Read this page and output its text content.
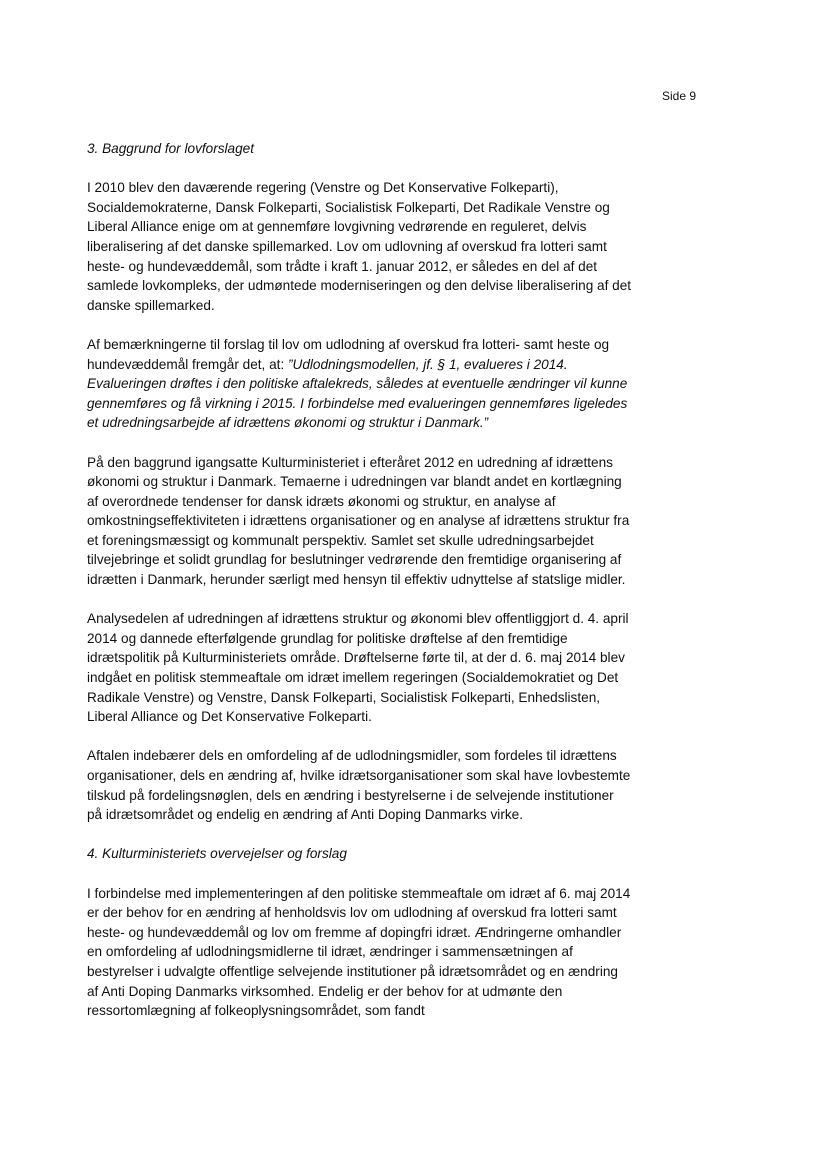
Side 9
3. Baggrund for lovforslaget

I 2010 blev den daværende regering (Venstre og Det Konservative Folkeparti), Socialdemokraterne, Dansk Folkeparti, Socialistisk Folkeparti, Det Radikale Venstre og Liberal Alliance enige om at gennemføre lovgivning vedrørende en reguleret, delvis liberalisering af det danske spillemarked. Lov om udlovning af overskud fra lotteri samt heste- og hundevæddemål, som trådte i kraft 1. januar 2012, er således en del af det samlede lovkompleks, der udmøntede moderniseringen og den delvise liberalisering af det danske spillemarked.

Af bemærkningerne til forslag til lov om udlodning af overskud fra lotteri- samt heste og hundevæddemål fremgår det, at: ”Udlodningsmodellen, jf. § 1, evalueres i 2014. Evalueringen drøftes i den politiske aftalekreds, således at eventuelle ændringer vil kunne gennemføres og få virkning i 2015. I forbindelse med evalueringen gennemføres ligeledes et udredningsarbejde af idrættens økonomi og struktur i Danmark.”

På den baggrund igangsatte Kulturministeriet i efteråret 2012 en udredning af idrættens økonomi og struktur i Danmark. Temaerne i udredningen var blandt andet en kortlægning af overordnede tendenser for dansk idræts økonomi og struktur, en analyse af omkostningseffektiviteten i idrættens organisationer og en analyse af idrættens struktur fra et foreningsmæssigt og kommunalt perspektiv. Samlet set skulle udredningsarbejdet tilvejebringe et solidt grundlag for beslutninger vedrørende den fremtidige organisering af idrætten i Danmark, herunder særligt med hensyn til effektiv udnyttelse af statslige midler.

Analysedelen af udredningen af idrættens struktur og økonomi blev offentliggjort d. 4. april 2014 og dannede efterfølgende grundlag for politiske drøftelse af den fremtidige idrætspolitik på Kulturministeriets område. Drøftelserne førte til, at der d. 6. maj 2014 blev indgået en politisk stemmeaftale om idræt imellem regeringen (Socialdemokratiet og Det Radikale Venstre) og Venstre, Dansk Folkeparti, Socialistisk Folkeparti, Enhedslisten, Liberal Alliance og Det Konservative Folkeparti.

Aftalen indebærer dels en omfordeling af de udlodningsmidler, som fordeles til idrættens organisationer, dels en ændring af, hvilke idrætsorganisationer som skal have lovbestemte tilskud på fordelingsnøglen, dels en ændring i bestyrelserne i de selvejende institutioner på idrætsområdet og endelig en ændring af Anti Doping Danmarks virke.

4. Kulturministeriets overvejelser og forslag

I forbindelse med implementeringen af den politiske stemmeaftale om idræt af 6. maj 2014 er der behov for en ændring af henholdsvis lov om udlodning af overskud fra lotteri samt heste- og hundevæddemål og lov om fremme af dopingfri idræt. Ændringerne omhandler en omfordeling af udlodningsmidlerne til idræt, ændringer i sammensætningen af bestyrelser i udvalgte offentlige selvejende institutioner på idrætsområdet og en ændring af Anti Doping Danmarks virksomhed. Endelig er der behov for at udmønte den ressortomlægning af folkeoplysningsområdet, som fandt
